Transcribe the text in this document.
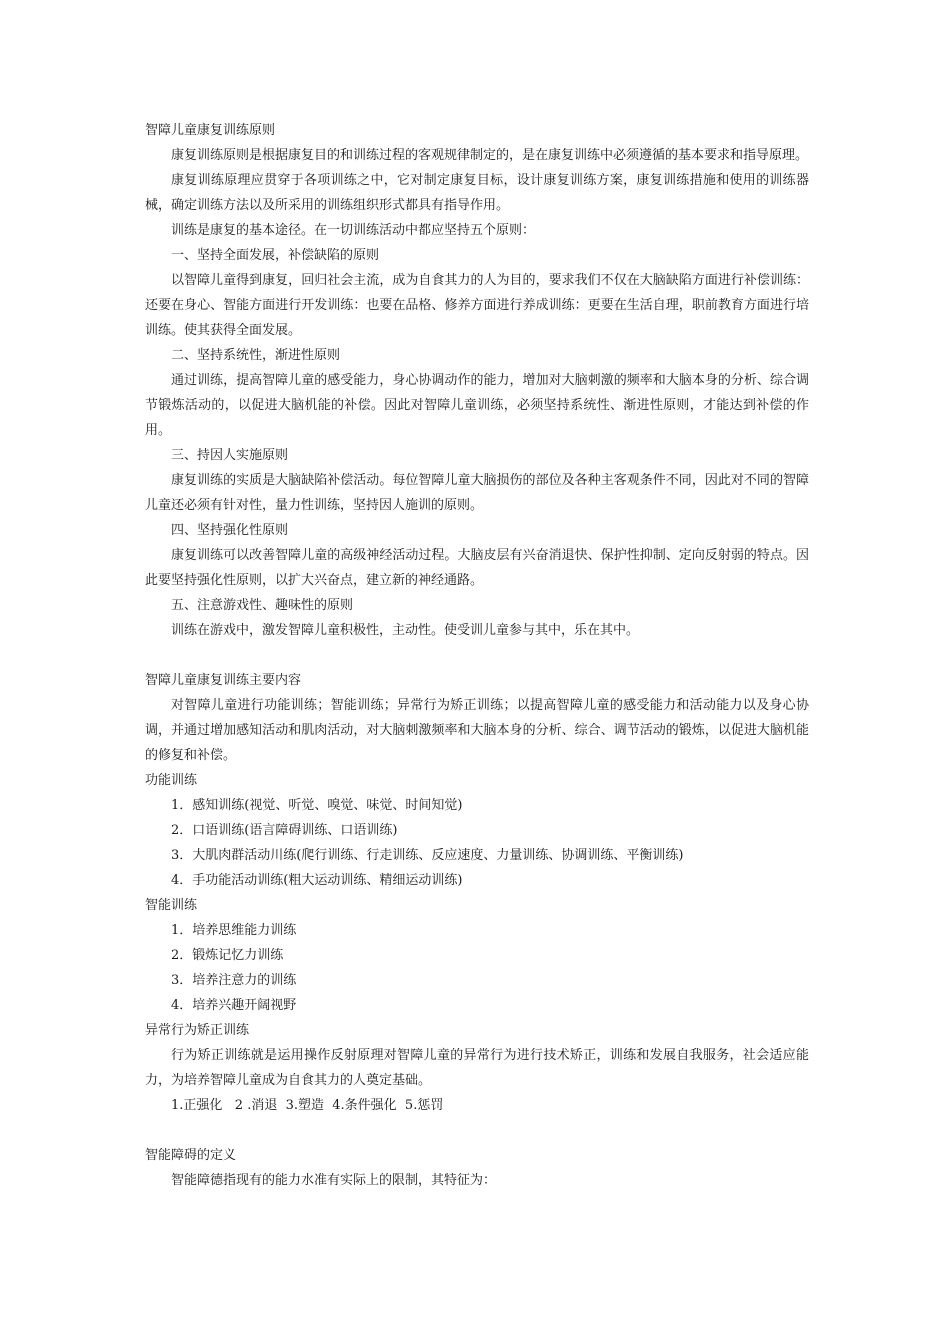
智障儿童康复训练原则

康复训练原则是根据康复目的和训练过程的客观规律制定的，是在康复训练中必须遵循的基本要求和指导原理。

康复训练原理应贯穿于各项训练之中，它对制定康复目标，设计康复训练方案，康复训练措施和使用的训练器械，确定训练方法以及所采用的训练组织形式都具有指导作用。

训练是康复的基本途径。在一切训练活动中都应坚持五个原则：

一、坚持全面发展，补偿缺陷的原则

以智障儿童得到康复，回归社会主流，成为自食其力的人为目的，要求我们不仅在大脑缺陷方面进行补偿训练：还要在身心、智能方面进行开发训练：也要在品格、修养方面进行养成训练：更要在生活自理，职前教育方面进行培训练。使其获得全面发展。

二、坚持系统性，渐进性原则

通过训练，提高智障儿童的感受能力，身心协调动作的能力，增加对大脑刺激的频率和大脑本身的分析、综合调节锻炼活动的，以促进大脑机能的补偿。因此对智障儿童训练，必须坚持系统性、渐进性原则，才能达到补偿的作用。

三、持因人实施原则

康复训练的实质是大脑缺陷补偿活动。每位智障儿童大脑损伤的部位及各种主客观条件不同，因此对不同的智障儿童还必须有针对性，量力性训练，坚持因人施训的原则。

四、坚持强化性原则

康复训练可以改善智障儿童的高级神经活动过程。大脑皮层有兴奋消退快、保护性抑制、定向反射弱的特点。因此要坚持强化性原则，以扩大兴奋点，建立新的神经通路。

五、注意游戏性、趣味性的原则

训练在游戏中，激发智障儿童积极性，主动性。使受训儿童参与其中，乐在其中。

智障儿童康复训练主要内容

对智障儿童进行功能训练；智能训练；异常行为矫正训练；以提高智障儿童的感受能力和活动能力以及身心协调，并通过增加感知活动和肌肉活动，对大脑刺激频率和大脑本身的分析、综合、调节活动的锻炼，以促进大脑机能的修复和补偿。

功能训练

1．感知训练(视觉、听觉、嗅觉、味觉、时间知觉)

2．口语训练(语言障碍训练、口语训练)

3．大肌肉群活动川练(爬行训练、行走训练、反应速度、力量训练、协调训练、平衡训练)

4．手功能活动训练(粗大运动训练、精细运动训练)

智能训练

1．培养思维能力训练

2．锻炼记忆力训练

3．培养注意力的训练

4．培养兴趣开阔视野

异常行为矫正训练

行为矫正训练就是运用操作反射原理对智障儿童的异常行为进行技术矫正，训练和发展自我服务，社会适应能力，为培养智障儿童成为自食其力的人奠定基础。

1.正强化   2 .消退  3.塑造  4.条件强化  5.惩罚

智能障碍的定义

智能障德指现有的能力水准有实际上的限制，其特征为：
